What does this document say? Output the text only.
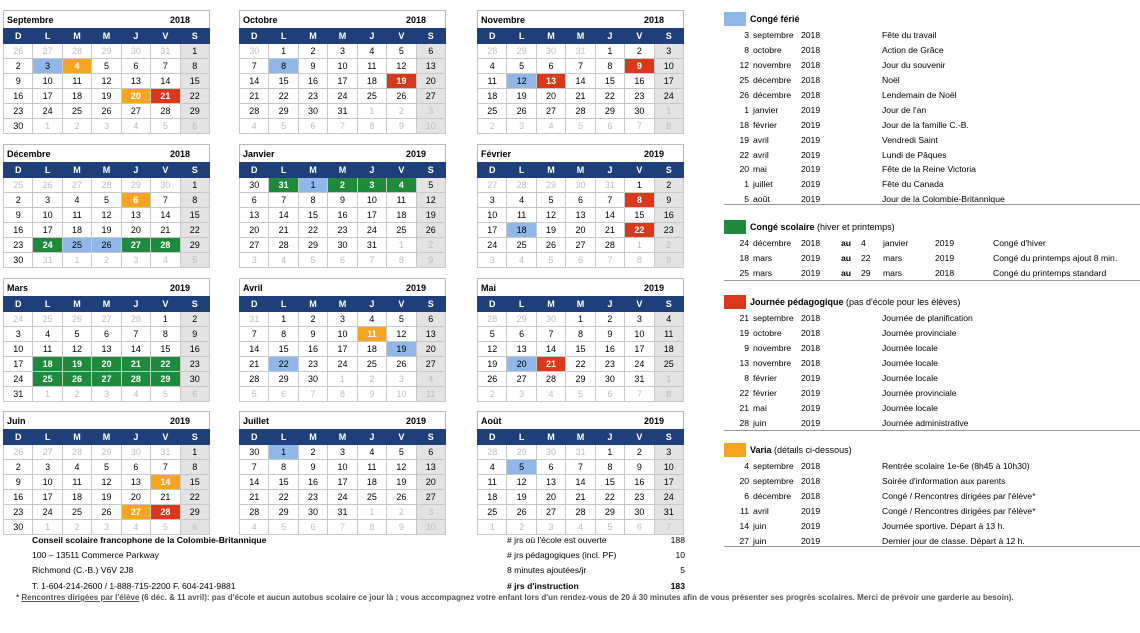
Septembre	2018
D	L	M	M	J	V	S
26	27	28	29	30	31	1
2	3	4	5	6	7	8
9	10	11	12	13	14	15
16	17	18	19	20	21	22
23	24	25	26	27	28	29
30	1	2	3	4	5	6
Octobre	2018
D	L	M	M	J	V	S
30	1	2	3	4	5	6
7	8	9	10	11	12	13
14	15	16	17	18	19	20
21	22	23	24	25	26	27
28	29	30	31	1	2	3
4	5	6	7	8	9	10
Novembre	2018
D	L	M	M	J	V	S
28	29	30	31	1	2	3
4	5	6	7	8	9	10
11	12	13	14	15	16	17
18	19	20	21	22	23	24
25	26	27	28	29	30	1
2	3	4	5	6	7	8
Décembre	2018
D	L	M	M	J	V	S
25	26	27	28	29	30	1
2	3	4	5	6	7	8
9	10	11	12	13	14	15
16	17	18	19	20	21	22
23	24	25	26	27	28	29
30	31	1	2	3	4	5
Janvier	2019
D	L	M	M	J	V	S
30	31	1	2	3	4	5
6	7	8	9	10	11	12
13	14	15	16	17	18	19
20	21	22	23	24	25	26
27	28	29	30	31	1	2
3	4	5	6	7	8	9
Février	2019
D	L	M	M	J	V	S
27	28	29	30	31	1	2
3	4	5	6	7	8	9
10	11	12	13	14	15	16
17	18	19	20	21	22	23
24	25	26	27	28	1	2
3	4	5	6	7	8	9
Mars	2019
D	L	M	M	J	V	S
24	25	26	27	28	1	2
3	4	5	6	7	8	9
10	11	12	13	14	15	16
17	18	19	20	21	22	23
24	25	26	27	28	29	30
31	1	2	3	4	5	6
Avril	2019
D	L	M	M	J	V	S
31	1	2	3	4	5	6
7	8	9	10	11	12	13
14	15	16	17	18	19	20
21	22	23	24	25	26	27
28	29	30	1	2	3	4
5	6	7	8	9	10	11
Mai	2019
D	L	M	M	J	V	S
28	29	30	1	2	3	4
5	6	7	8	9	10	11
12	13	14	15	16	17	18
19	20	21	22	23	24	25
26	27	28	29	30	31	1
2	3	4	5	6	7	8
Juin	2019
D	L	M	M	J	V	S
26	27	28	29	30	31	1
2	3	4	5	6	7	8
9	10	11	12	13	14	15
16	17	18	19	20	21	22
23	24	25	26	27	28	29
30	1	2	3	4	5	6
Juillet	2019
D	L	M	M	J	V	S
30	1	2	3	4	5	6
7	8	9	10	11	12	13
14	15	16	17	18	19	20
21	22	23	24	25	26	27
28	29	30	31	1	2	3
4	5	6	7	8	9	10
Août	2019
D	L	M	M	J	V	S
28	29	30	31	1	2	3
4	5	6	7	8	9	10
11	12	13	14	15	16	17
18	19	20	21	22	23	24
25	26	27	28	29	30	31
1	2	3	4	5	6	7
Congé férié
3	septembre	2018	Fête du travail
8	octobre	2018	Action de Grâce
12	novembre	2018	Jour du souvenir
25	décembre	2018	Noël
26	décembre	2018	Lendemain de Noël
1	janvier	2019	Jour de l'an
18	février	2019	Jour de la famille C.-B.
19	avril	2019	Vendredi Saint
22	avril	2019	Lundi de Pâques
20	mai	2019	Fête de la Reine Victoria
1	juillet	2019	Fête du Canada
5	août	2019	Jour de la Colombie-Britannique
Congé scolaire
(hiver et printemps)
24	décembre	2018	au	4	janvier	2019	Congé d'hiver
18	mars	2019	au	22	mars	2019	Congé du printemps ajout 8 min.
25	mars	2019	au	29	mars	2018	Congé du printemps standard
Journée pédagogique
(pas d'école pour les élèves)
21	septembre	2018	Journée de planification
19	octobre	2018	Journée provinciale
9	novembre	2018	Journée locale
13	novembre	2018	Journée locale
8	février	2019	Journée locale
22	février	2019	Journée provinciale
21	mai	2019	Journée locale
28	juin	2019	Journée administrative
Varia
(détails ci-dessous)
4	septembre	2018	Rentrée scolaire 1e-6e (8h45 à 10h30)
20	septembre	2018	Soirée d'information aux parents
6	décembre	2018	Congé / Rencontres dirigées par l'élève*
11	avril	2019	Congé / Rencontres dirigées par l'élève*
14	juin	2019	Journée sportive. Départ à 13 h.
27	juin	2019	Dernier jour de classe. Départ à 12 h.
Conseil scolaire francophone de la Colombie-Britannique
100 – 13511 Commerce Parkway
Richmond (C.-B.) V6V 2J8
T. 1-604-214-2600 / 1-888-715-2200 F. 604-241-9881
# jrs où l'école est ouverte	188
# jrs pédagogiques (incl. PF)	10
8 minutes ajoutées/jr	5
# jrs d'instruction	183
* Rencontres dirigées par l'élève (6 déc. & 11 avril): pas d'école et aucun autobus scolaire ce jour là ; vous accompagnez votre enfant lors d'un rendez-vous de 20 à 30 minutes afin de vous présenter ses progrès scolaires. Merci de prévoir une garderie au besoin).
